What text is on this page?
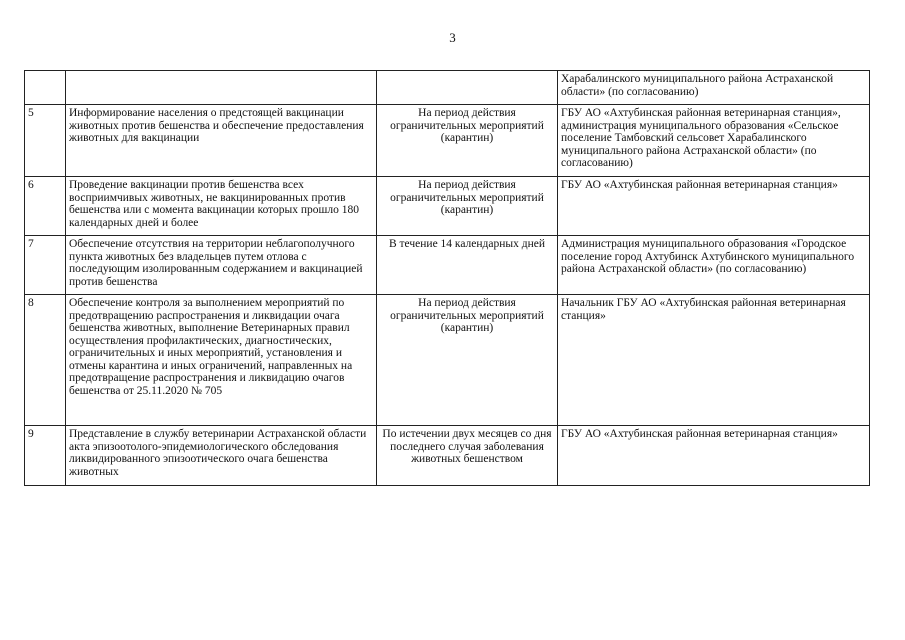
3
			Харабалинского муниципального района Астраханской области» (по согласованию)
5	Информирование населения о предстоящей вакцинации животных против бешенства и обеспечение предоставления животных для вакцинации	На период действия ограничительных мероприятий (карантин)	ГБУ АО «Ахтубинская районная ветеринарная станция», администрация муниципального образования «Сельское поселение Тамбовский сельсовет Харабалинского муниципального района Астраханской области» (по согласованию)
6	Проведение вакцинации против бешенства всех восприимчивых животных, не вакцинированных против бешенства или с момента вакцинации которых прошло 180 календарных дней и более	На период действия ограничительных мероприятий (карантин)	ГБУ АО «Ахтубинская районная ветеринарная станция»
7	Обеспечение отсутствия на территории неблагополучного пункта животных без владельцев путем отлова с последующим изолированным содержанием и вакцинацией против бешенства	В течение 14 календарных дней	Администрация муниципального образования «Городское поселение город Ахтубинск Ахтубинского муниципального района Астраханской области» (по согласованию)
8	Обеспечение контроля за выполнением мероприятий по предотвращению распространения и ликвидации очага бешенства животных, выполнение Ветеринарных правил осуществления профилактических, диагностических, ограничительных и иных мероприятий, установления и отмены карантина и иных ограничений, направленных на предотвращение распространения и ликвидацию очагов бешенства от 25.11.2020 № 705	На период действия ограничительных мероприятий (карантин)	Начальник ГБУ АО «Ахтубинская районная ветеринарная станция»
9	Представление в службу ветеринарии Астраханской области акта эпизоотолого-эпидемиологического обследования ликвидированного эпизоотического очага бешенства животных	По истечении двух месяцев со дня последнего случая заболевания животных бешенством	ГБУ АО «Ахтубинская районная ветеринарная станция»
